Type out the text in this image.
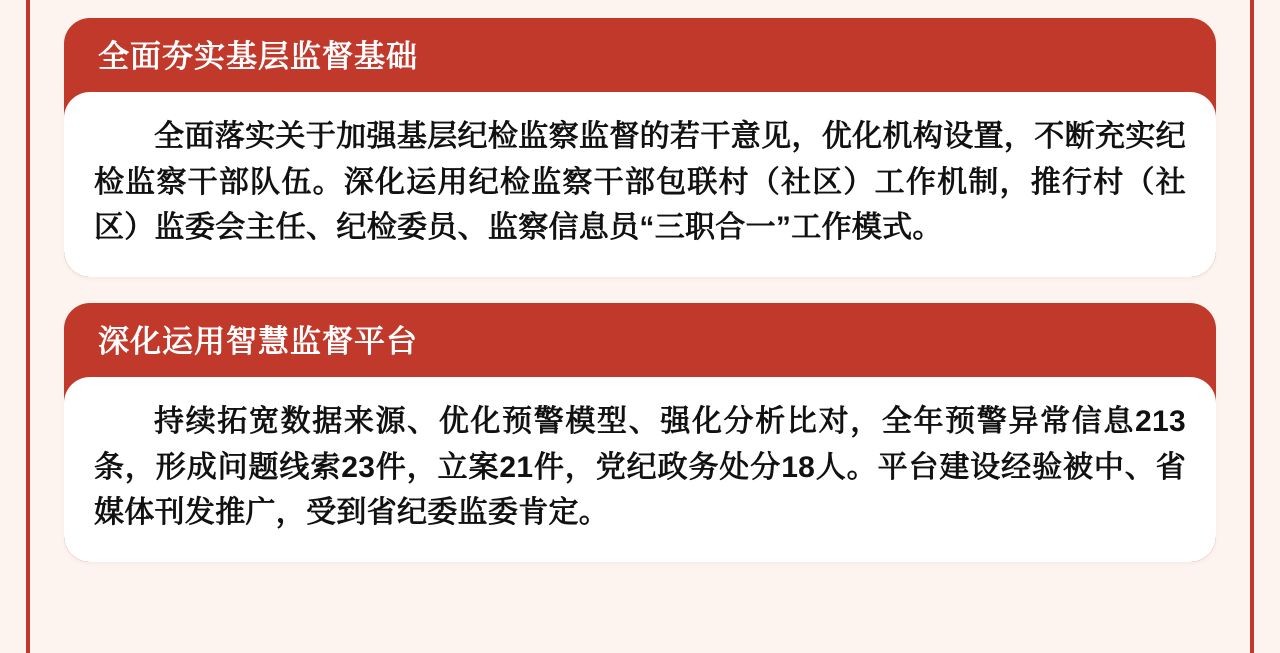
全面夯实基层监督基础

全面落实关于加强基层纪检监察监督的若干意见，优化机构设置，不断充实纪检监察干部队伍。深化运用纪检监察干部包联村（社区）工作机制，推行村（社区）监委会主任、纪检委员、监察信息员“三职合一”工作模式。

深化运用智慧监督平台

持续拓宽数据来源、优化预警模型、强化分析比对，全年预警异常信息213条，形成问题线索23件，立案21件，党纪政务处分18人。平台建设经验被中、省媒体刊发推广，受到省纪委监委肯定。
